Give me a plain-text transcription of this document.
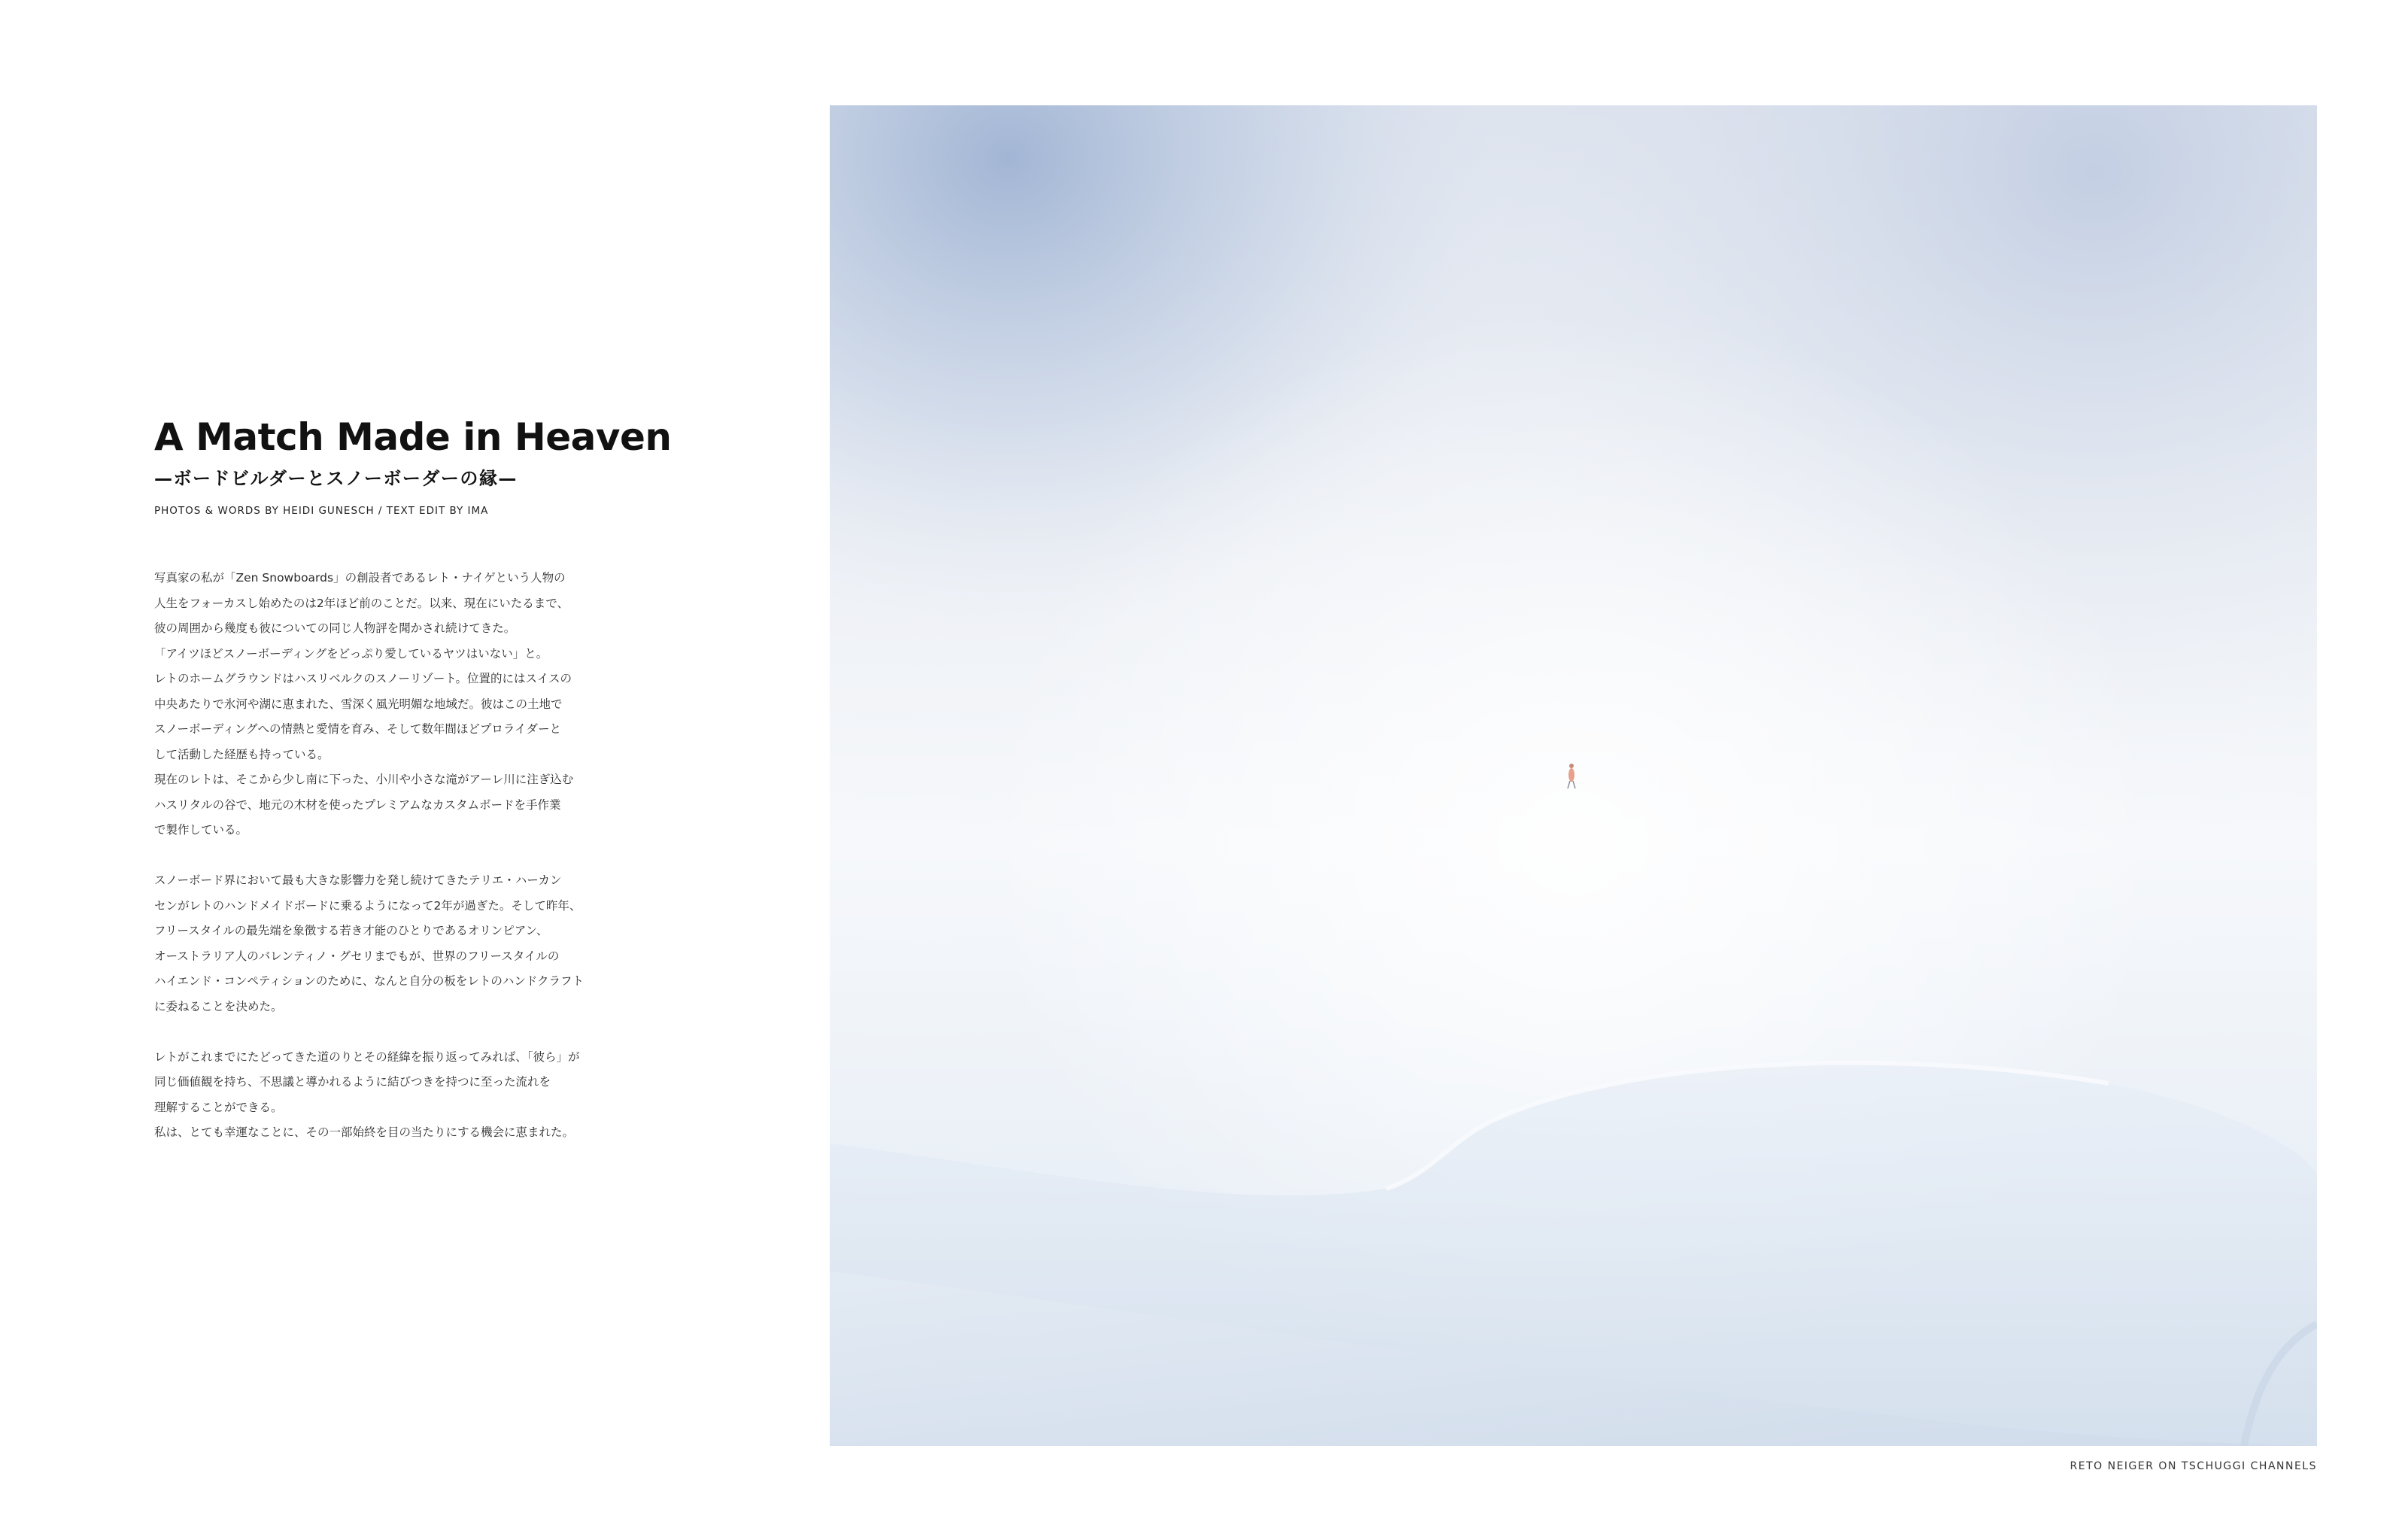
A Match Made in Heaven
—ボードビルダーとスノーボーダーの縁—
PHOTOS & WORDS BY HEIDI GUNESCH / TEXT EDIT BY IMA
写真家の私が「Zen Snowboards」の創設者であるレト・ナイゲという人物の
人生をフォーカスし始めたのは2年ほど前のことだ。以来、現在にいたるまで、
彼の周囲から幾度も彼についての同じ人物評を聞かされ続けてきた。
「アイツほどスノーボーディングをどっぷり愛しているヤツはいない」と。
レトのホームグラウンドはハスリベルクのスノーリゾート。位置的にはスイスの
中央あたりで氷河や湖に恵まれた、雪深く風光明媚な地域だ。彼はこの土地で
スノーボーディングへの情熱と愛情を育み、そして数年間ほどプロライダーと
して活動した経歴も持っている。
現在のレトは、そこから少し南に下った、小川や小さな滝がアーレ川に注ぎ込む
ハスリタルの谷で、地元の木材を使ったプレミアムなカスタムボードを手作業
で製作している。
スノーボード界において最も大きな影響力を発し続けてきたテリエ・ハーカン
センがレトのハンドメイドボードに乗るようになって2年が過ぎた。そして昨年、
フリースタイルの最先端を象徴する若き才能のひとりであるオリンピアン、
オーストラリア人のバレンティノ・グセリまでもが、世界のフリースタイルの
ハイエンド・コンペティションのために、なんと自分の板をレトのハンドクラフト
に委ねることを決めた。
レトがこれまでにたどってきた道のりとその経緯を振り返ってみれば、「彼ら」が
同じ価値観を持ち、不思議と導かれるように結びつきを持つに至った流れを
理解することができる。
私は、とても幸運なことに、その一部始終を目の当たりにする機会に恵まれた。
RETO NEIGER ON TSCHUGGI CHANNELS
